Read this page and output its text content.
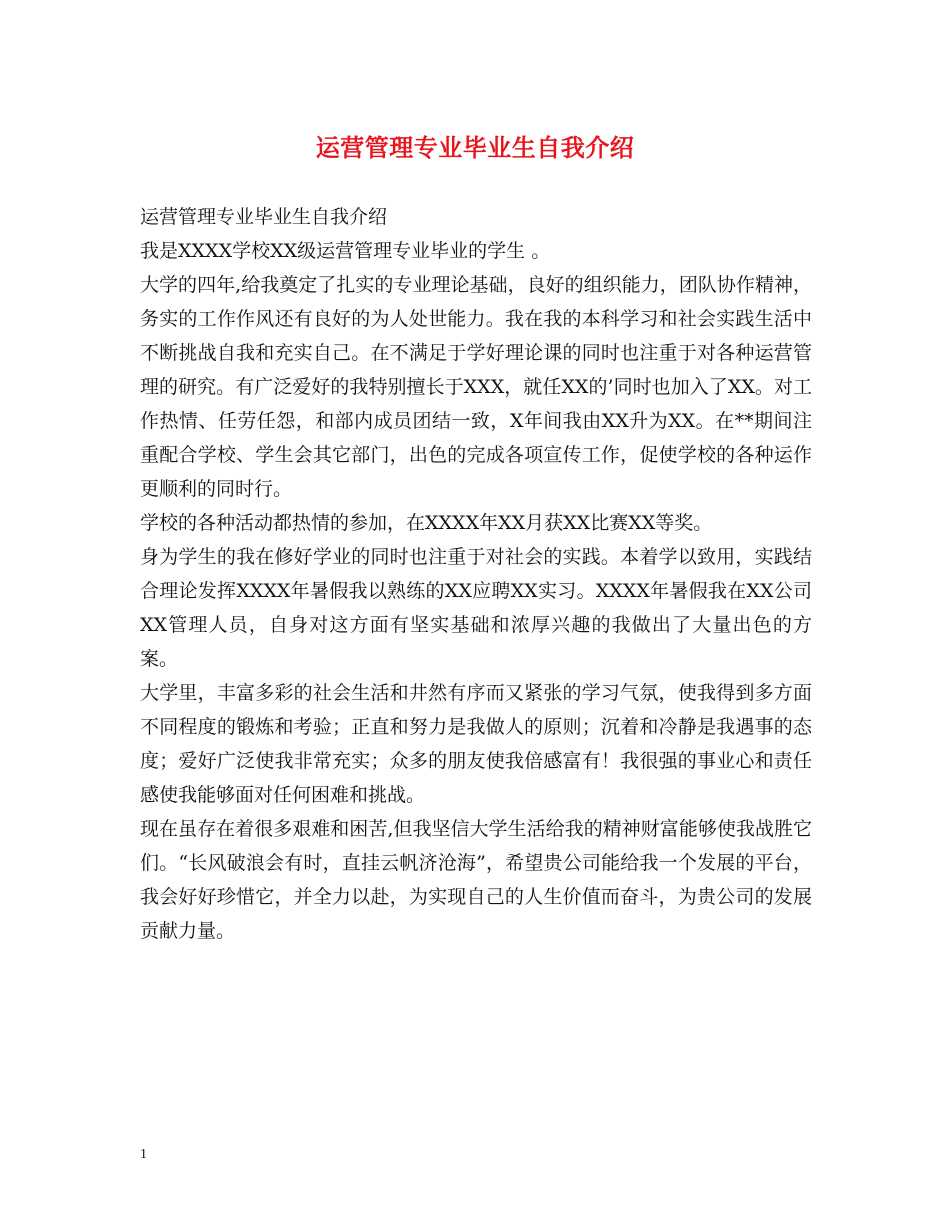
运营管理专业毕业生自我介绍

运营管理专业毕业生自我介绍

我是XXXX学校XX级运营管理专业毕业的学生 。

大学的四年,给我奠定了扎实的专业理论基础，良好的组织能力，团队协作精神，务实的工作作风还有良好的为人处世能力。我在我的本科学习和社会实践生活中不断挑战自我和充实自己。在不满足于学好理论课的同时也注重于对各种运营管理的研究。有广泛爱好的我特别擅长于XXX，就任XX的’同时也加入了XX。对工作热情、任劳任怨，和部内成员团结一致，X年间我由XX升为XX。在**期间注重配合学校、学生会其它部门，出色的完成各项宣传工作，促使学校的各种运作更顺利的同时行。

学校的各种活动都热情的参加，在XXXX年XX月获XX比赛XX等奖。

身为学生的我在修好学业的同时也注重于对社会的实践。本着学以致用，实践结合理论发挥XXXX年暑假我以熟练的XX应聘XX实习。XXXX年暑假我在XX公司XX管理人员，自身对这方面有坚实基础和浓厚兴趣的我做出了大量出色的方案。

大学里，丰富多彩的社会生活和井然有序而又紧张的学习气氛，使我得到多方面不同程度的锻炼和考验；正直和努力是我做人的原则；沉着和冷静是我遇事的态度；爱好广泛使我非常充实；众多的朋友使我倍感富有！我很强的事业心和责任感使我能够面对任何困难和挑战。

现在虽存在着很多艰难和困苦,但我坚信大学生活给我的精神财富能够使我战胜它们。“长风破浪会有时，直挂云帆济沧海”，希望贵公司能给我一个发展的平台，我会好好珍惜它，并全力以赴，为实现自己的人生价值而奋斗，为贵公司的发展贡献力量。

1
